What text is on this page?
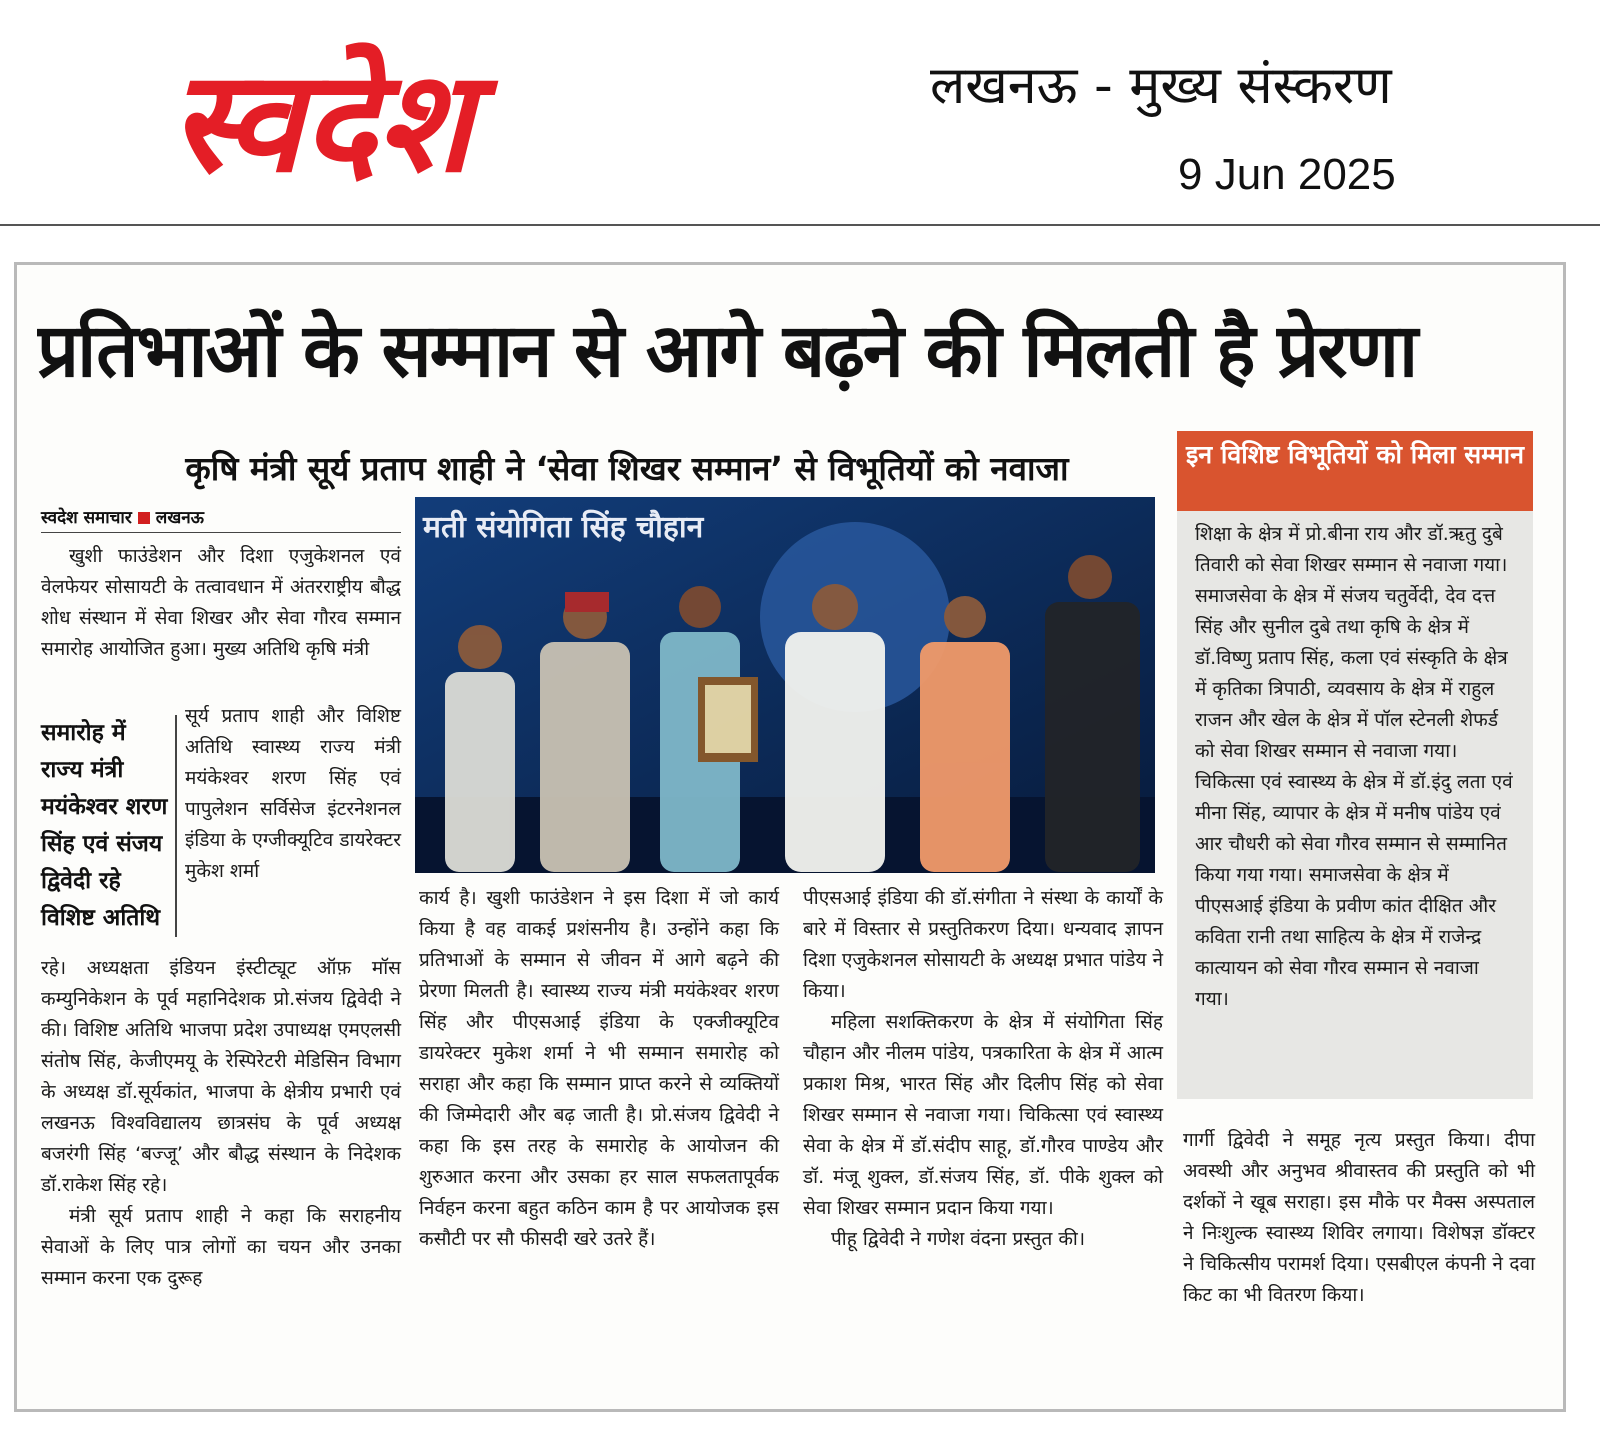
स्वदेश	लखनऊ - मुख्य संस्करण
9 Jun 2025
प्रतिभाओं के सम्मान से आगे बढ़ने की मिलती है प्रेरणा
कृषि मंत्री सूर्य प्रताप शाही ने ‘सेवा शिखर सम्मान’ से विभूतियों को नवाजा
स्वदेश समाचार लखनऊ

खुशी फाउंडेशन और दिशा एजुकेशनल एवं वेलफेयर सोसायटी के तत्वावधान में अंतरराष्ट्रीय बौद्ध शोध संस्थान में सेवा शिखर और सेवा गौरव सम्मान समारोह आयोजित हुआ। मुख्य अतिथि कृषि मंत्री

समारोह में राज्य मंत्री मयंकेश्वर शरण सिंह एवं संजय द्विवेदी रहे विशिष्ट अतिथि

सूर्य प्रताप शाही और विशिष्ट अतिथि स्वास्थ्य राज्य मंत्री मयंकेश्वर शरण सिंह एवं पापुलेशन सर्विसेज इंटरनेशनल इंडिया के एग्जीक्यूटिव डायरेक्टर मुकेश शर्मा

रहे। अध्यक्षता इंडियन इंस्टीट्यूट ऑफ़ मॉस कम्युनिकेशन के पूर्व महानिदेशक प्रो.संजय द्विवेदी ने की। विशिष्ट अतिथि भाजपा प्रदेश उपाध्यक्ष एमएलसी संतोष सिंह, केजीएमयू के रेस्पिरेटरी मेडिसिन विभाग के अध्यक्ष डॉ.सूर्यकांत, भाजपा के क्षेत्रीय प्रभारी एवं लखनऊ विश्वविद्यालय छात्रसंघ के पूर्व अध्यक्ष बजरंगी सिंह ‘बज्जू’ और बौद्ध संस्थान के निदेशक डॉ.राकेश सिंह रहे।

मंत्री सूर्य प्रताप शाही ने कहा कि सराहनीय सेवाओं के लिए पात्र लोगों का चयन और उनका सम्मान करना एक दुरूह

मती संयोगिता सिंह चौहान

कार्य है। खुशी फाउंडेशन ने इस दिशा में जो कार्य किया है वह वाकई प्रशंसनीय है। उन्होंने कहा कि प्रतिभाओं के सम्मान से जीवन में आगे बढ़ने की प्रेरणा मिलती है। स्वास्थ्य राज्य मंत्री मयंकेश्वर शरण सिंह और पीएसआई इंडिया के एक्जीक्यूटिव डायरेक्टर मुकेश शर्मा ने भी सम्मान समारोह को सराहा और कहा कि सम्मान प्राप्त करने से व्यक्तियों की जिम्मेदारी और बढ़ जाती है। प्रो.संजय द्विवेदी ने कहा कि इस तरह के समारोह के आयोजन की शुरुआत करना और उसका हर साल सफलतापूर्वक निर्वहन करना बहुत कठिन काम है पर आयोजक इस कसौटी पर सौ फीसदी खरे उतरे हैं।

पीएसआई इंडिया की डॉ.संगीता ने संस्था के कार्यों के बारे में विस्तार से प्रस्तुतिकरण दिया। धन्यवाद ज्ञापन दिशा एजुकेशनल सोसायटी के अध्यक्ष प्रभात पांडेय ने किया।

महिला सशक्तिकरण के क्षेत्र में संयोगिता सिंह चौहान और नीलम पांडेय, पत्रकारिता के क्षेत्र में आत्म प्रकाश मिश्र, भारत सिंह और दिलीप सिंह को सेवा शिखर सम्मान से नवाजा गया। चिकित्सा एवं स्वास्थ्य सेवा के क्षेत्र में डॉ.संदीप साहू, डॉ.गौरव पाण्डेय और डॉ. मंजू शुक्ल, डॉ.संजय सिंह, डॉ. पीके शुक्ल को सेवा शिखर सम्मान प्रदान किया गया।

पीहू द्विवेदी ने गणेश वंदना प्रस्तुत की।

इन विशिष्ट विभूतियों को मिला सम्मान
शिक्षा के क्षेत्र में प्रो.बीना राय और डॉ.ऋतु दुबे तिवारी को सेवा शिखर सम्मान से नवाजा गया। समाजसेवा के क्षेत्र में संजय चतुर्वेदी, देव दत्त सिंह और सुनील दुबे तथा कृषि के क्षेत्र में डॉ.विष्णु प्रताप सिंह, कला एवं संस्कृति के क्षेत्र में कृतिका त्रिपाठी, व्यवसाय के क्षेत्र में राहुल राजन और खेल के क्षेत्र में पॉल स्टेनली शेफर्ड को सेवा शिखर सम्मान से नवाजा गया। चिकित्सा एवं स्वास्थ्य के क्षेत्र में डॉ.इंदु लता एवं मीना सिंह, व्यापार के क्षेत्र में मनीष पांडेय एवं आर चौधरी को सेवा गौरव सम्मान से सम्मानित किया गया गया। समाजसेवा के क्षेत्र में पीएसआई इंडिया के प्रवीण कांत दीक्षित और कविता रानी तथा साहित्य के क्षेत्र में राजेन्द्र कात्यायन को सेवा गौरव सम्मान से नवाजा गया।

गार्गी द्विवेदी ने समूह नृत्य प्रस्तुत किया। दीपा अवस्थी और अनुभव श्रीवास्तव की प्रस्तुति को भी दर्शकों ने खूब सराहा। इस मौके पर मैक्स अस्पताल ने निःशुल्क स्वास्थ्य शिविर लगाया। विशेषज्ञ डॉक्टर ने चिकित्सीय परामर्श दिया। एसबीएल कंपनी ने दवा किट का भी वितरण किया।
